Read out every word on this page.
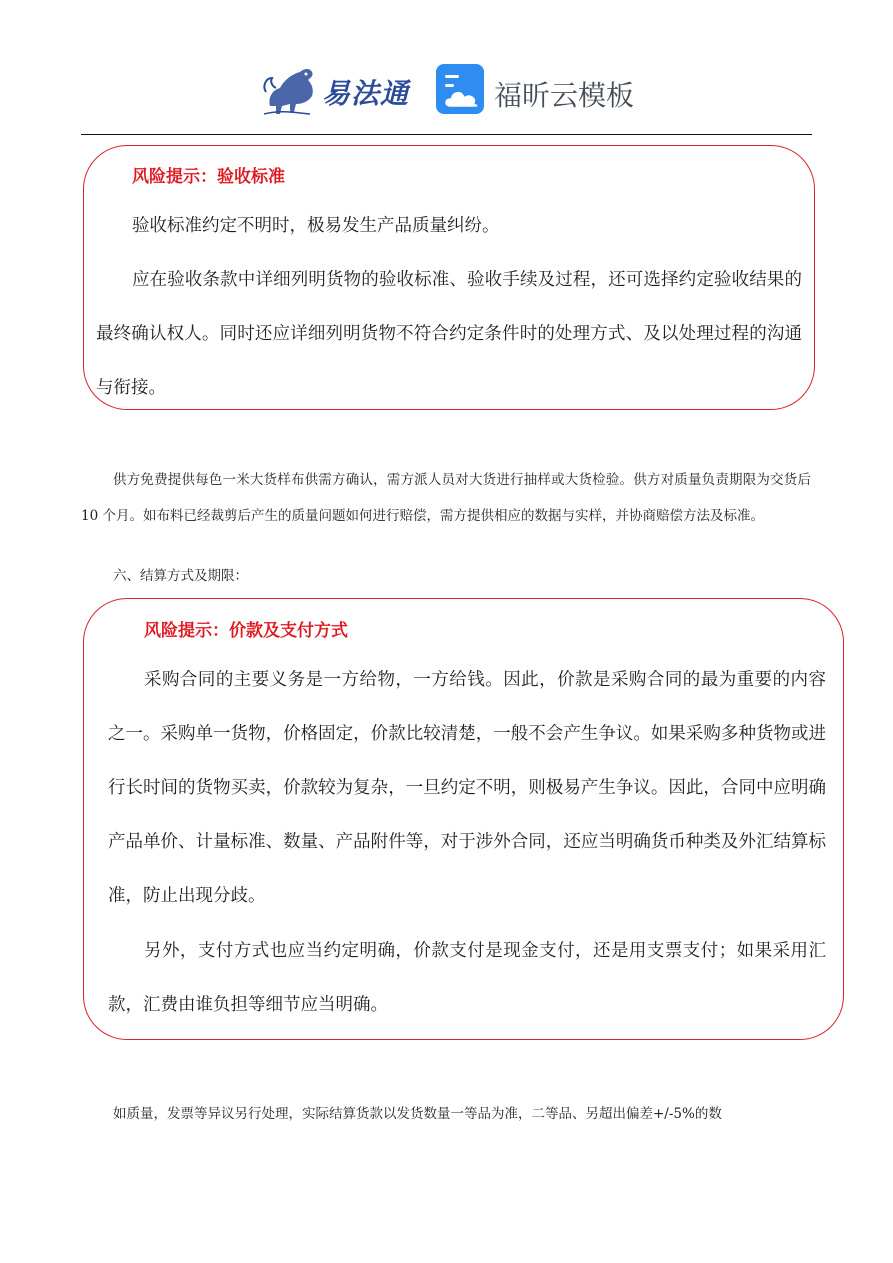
易法通	福昕云模板
风险提示：验收标准

验收标准约定不明时，极易发生产品质量纠纷。

应在验收条款中详细列明货物的验收标准、验收手续及过程，还可选择约定验收结果的最终确认权人。同时还应详细列明货物不符合约定条件时的处理方式、及以处理过程的沟通与衔接。

供方免费提供每色一米大货样布供需方确认，需方派人员对大货进行抽样或大货检验。供方对质量负责期限为交货后 10 个月。如布料已经裁剪后产生的质量问题如何进行赔偿，需方提供相应的数据与实样，并协商赔偿方法及标准。

六、结算方式及期限：

风险提示：价款及支付方式

采购合同的主要义务是一方给物，一方给钱。因此，价款是采购合同的最为重要的内容之一。采购单一货物，价格固定，价款比较清楚，一般不会产生争议。如果采购多种货物或进行长时间的货物买卖，价款较为复杂，一旦约定不明，则极易产生争议。因此，合同中应明确产品单价、计量标准、数量、产品附件等，对于涉外合同，还应当明确货币种类及外汇结算标准，防止出现分歧。

另外，支付方式也应当约定明确，价款支付是现金支付，还是用支票支付；如果采用汇款，汇费由谁负担等细节应当明确。

如质量，发票等异议另行处理，实际结算货款以发货数量一等品为准，二等品、另超出偏差+/-5%的数
